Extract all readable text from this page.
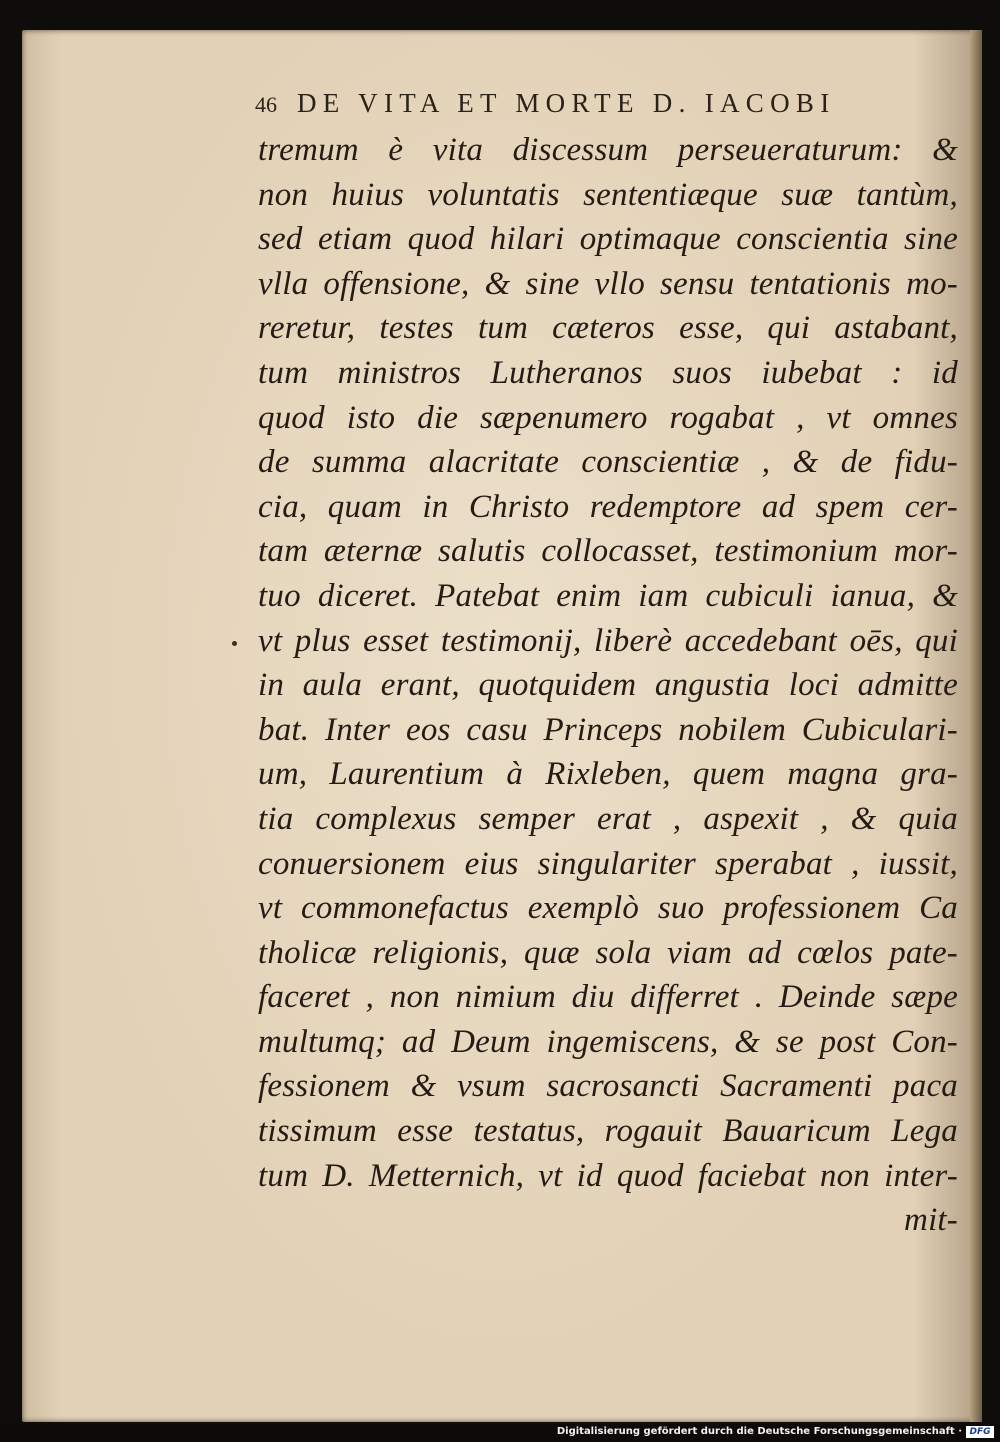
46 DE VITA ET MORTE D. IACOBI
tremum è vita discessum perseueraturum: &
non huius voluntatis sententiæque suæ tantùm,
sed etiam quod hilari optimaque conscientia sine
vlla offensione, & sine vllo sensu tentationis mo-
reretur, testes tum cæteros esse, qui astabant,
tum ministros Lutheranos suos iubebat : id
quod isto die sæpenumero rogabat , vt omnes
de summa alacritate conscientiæ , & de fidu-
cia, quam in Christo redemptore ad spem cer-
tam æternæ salutis collocasset, testimonium mor-
tuo diceret. Patebat enim iam cubiculi ianua, &
vt plus esset testimonij, liberè accedebant oēs, qui
in aula erant, quotquidem angustia loci admitte
bat. Inter eos casu Princeps nobilem Cubiculari-
um, Laurentium à Rixleben, quem magna gra-
tia complexus semper erat , aspexit , & quia
conuersionem eius singulariter sperabat , iussit,
vt commonefactus exemplò suo professionem Ca
tholicæ religionis, quæ sola viam ad cœlos pate-
faceret , non nimium diu differret . Deinde sæpe
multumq; ad Deum ingemiscens, & se post Con-
fessionem & vsum sacrosancti Sacramenti paca
tissimum esse testatus, rogauit Bauaricum Lega
tum D. Metternich, vt id quod faciebat non inter-
mit-
Digitalisierung gefördert durch die Deutsche Forschungsgemeinschaft · DFG
